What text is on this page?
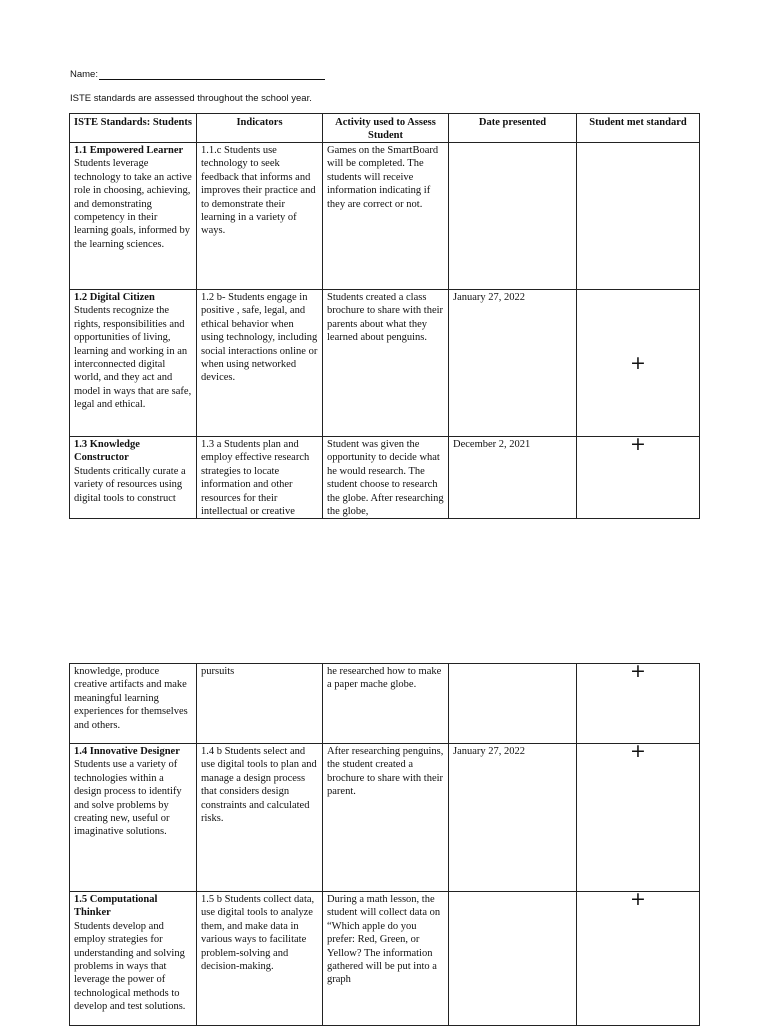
Name:
ISTE standards are assessed throughout the school year.
ISTE Standards: Students	Indicators	Activity used to Assess Student	Date presented	Student met standard

1.1 Empowered Learner
Students leverage technology to take an active role in choosing, achieving, and demonstrating competency in their learning goals, informed by the learning sciences.	1.1.c Students use technology to seek feedback that informs and improves their practice and to demonstrate their learning in a variety of ways.	Games on the SmartBoard will be completed. The students will receive information indicating if they are correct or not.		

1.2 Digital Citizen
Students recognize the rights, responsibilities and opportunities of living, learning and working in an interconnected digital world, and they act and model in ways that are safe, legal and ethical.	1.2 b- Students engage in positive , safe, legal, and ethical behavior when using technology, including social interactions online or when using networked devices.	Students created a class brochure to share with their parents about what they learned about penguins.	January 27, 2022	+

1.3 Knowledge Constructor
Students critically curate a variety of resources using digital tools to construct	1.3 a Students plan and employ effective research strategies to locate information and other resources for their intellectual or creative	Student was given the opportunity to decide what he would research. The student choose to research the globe. After researching the globe,	December 2, 2021	+
knowledge, produce creative artifacts and make meaningful learning experiences for themselves and others.	pursuits	he researched how to make a paper mache globe.		+

1.4 Innovative Designer
Students use a variety of technologies within a design process to identify and solve problems by creating new, useful or imaginative solutions.	1.4 b Students select and use digital tools to plan and manage a design process that considers design constraints and calculated risks.	After researching penguins, the student created a brochure to share with their parent.	January 27, 2022	+

1.5 Computational Thinker
Students develop and employ strategies for understanding and solving problems in ways that leverage the power of technological methods to develop and test solutions.	1.5 b Students collect data, use digital tools to analyze them, and make data in various ways to facilitate problem-solving and decision-making.	During a math lesson, the student will collect data on “Which apple do you prefer: Red, Green, or Yellow? The information gathered will be put into a graph		+
